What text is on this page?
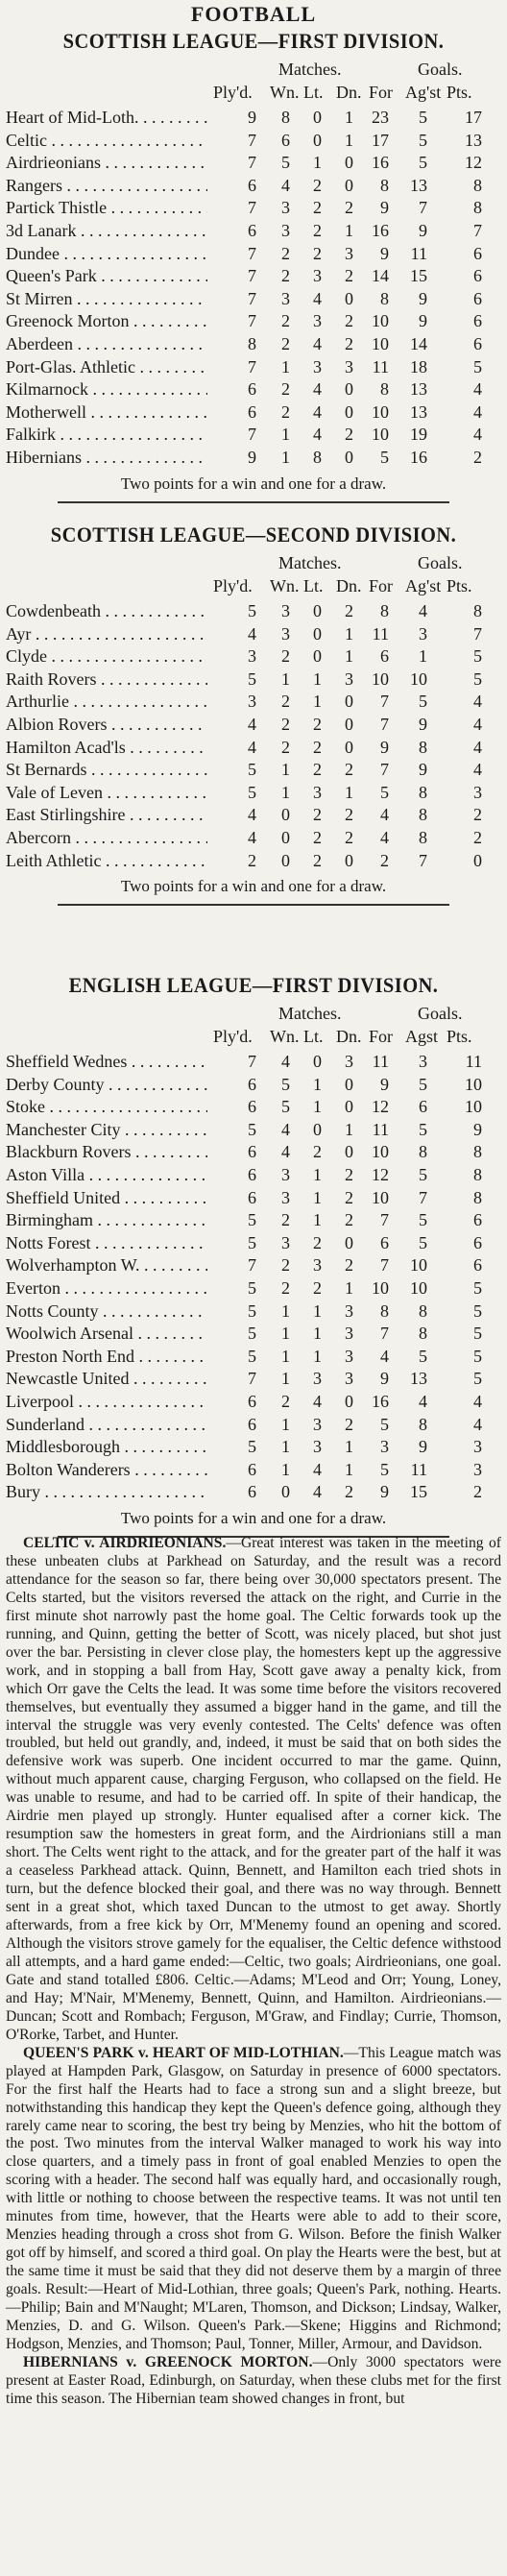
FOOTBALL
SCOTTISH LEAGUE—FIRST DIVISION.
Matches.	Goals.
Ply'd. Wn. Lt. Dn. For Ag'st Pts.
Heart of Mid-Loth. . . .	9	8	0	1	23	5	17
Celtic . . .	7	6	0	1	17	5	13
Airdrieonians . . .	7	5	1	0	16	5	12
Rangers . . .	6	4	2	0	8	13	8
Partick Thistle . . .	7	3	2	2	9	7	8
3d Lanark . . .	6	3	2	1	16	9	7
Dundee . . .	7	2	2	3	9	11	6
Queen's Park . . .	7	2	3	2	14	15	6
St Mirren . . .	7	3	4	0	8	9	6
Greenock Morton . . .	7	2	3	2	10	9	6
Aberdeen . . .	8	2	4	2	10	14	6
Port-Glas. Athletic . . .	7	1	3	3	11	18	5
Kilmarnock . . .	6	2	4	0	8	13	4
Motherwell . . .	6	2	4	0	10	13	4
Falkirk . . .	7	1	4	2	10	19	4
Hibernians . . .	9	1	8	0	5	16	2
Two points for a win and one for a draw.
SCOTTISH LEAGUE—SECOND DIVISION.
Matches.	Goals.
Ply'd. Wn. Lt. Dn. For Ag'st Pts.
Cowdenbeath . . .	5	3	0	2	8	4	8
Ayr . . .	4	3	0	1	11	3	7
Clyde . . .	3	2	0	1	6	1	5
Raith Rovers . . .	5	1	1	3	10	10	5
Arthurlie . . .	3	2	1	0	7	5	4
Albion Rovers . . .	4	2	2	0	7	9	4
Hamilton Acad'ls . . .	4	2	2	0	9	8	4
St Bernards . . .	5	1	2	2	7	9	4
Vale of Leven . . .	5	1	3	1	5	8	3
East Stirlingshire . . .	4	0	2	2	4	8	2
Abercorn . . .	4	0	2	2	4	8	2
Leith Athletic . . .	2	0	2	0	2	7	0
Two points for a win and one for a draw.
ENGLISH LEAGUE—FIRST DIVISION.
Matches.	Goals.
Ply'd. Wn. Lt. Dn. For Agst Pts.
Sheffield Wednes . . .	7	4	0	3	11	3	11
Derby County . . .	6	5	1	0	9	5	10
Stoke . . .	6	5	1	0	12	6	10
Manchester City . . .	5	4	0	1	11	5	9
Blackburn Rovers . . .	6	4	2	0	10	8	8
Aston Villa . . .	6	3	1	2	12	5	8
Sheffield United . . .	6	3	1	2	10	7	8
Birmingham . . .	5	2	1	2	7	5	6
Notts Forest . . .	5	3	2	0	6	5	6
Wolverhampton W. . . .	7	2	3	2	7	10	6
Everton . . .	5	2	2	1	10	10	5
Notts County . . .	5	1	1	3	8	8	5
Woolwich Arsenal . . .	5	1	1	3	7	8	5
Preston North End . . .	5	1	1	3	4	5	5
Newcastle United . . .	7	1	3	3	9	13	5
Liverpool . . .	6	2	4	0	16	4	4
Sunderland . . .	6	1	3	2	5	8	4
Middlesborough . . .	5	1	3	1	3	9	3
Bolton Wanderers . . .	6	1	4	1	5	11	3
Bury . . .	6	0	4	2	9	15	2
Two points for a win and one for a draw.

CELTIC v. AIRDRIEONIANS.—Great interest was taken in the meeting of these unbeaten clubs at Parkhead on Saturday, and the result was a record attendance for the season so far, there being over 30,000 spectators present. The Celts started, but the visitors reversed the attack on the right, and Currie in the first minute shot narrowly past the home goal. The Celtic forwards took up the running, and Quinn, getting the better of Scott, was nicely placed, but shot just over the bar. Persisting in clever close play, the homesters kept up the aggressive work, and in stopping a ball from Hay, Scott gave away a penalty kick, from which Orr gave the Celts the lead. It was some time before the visitors recovered themselves, but eventually they assumed a bigger hand in the game, and till the interval the struggle was very evenly contested. The Celts' defence was often troubled, but held out grandly, and, indeed, it must be said that on both sides the defensive work was superb. One incident occurred to mar the game. Quinn, without much apparent cause, charging Ferguson, who collapsed on the field. He was unable to resume, and had to be carried off. In spite of their handicap, the Airdrie men played up strongly. Hunter equalised after a corner kick. The resumption saw the homesters in great form, and the Airdrionians still a man short. The Celts went right to the attack, and for the greater part of the half it was a ceaseless Parkhead attack. Quinn, Bennett, and Hamilton each tried shots in turn, but the defence blocked their goal, and there was no way through. Bennett sent in a great shot, which taxed Duncan to the utmost to get away. Shortly afterwards, from a free kick by Orr, M'Menemy found an opening and scored. Although the visitors strove gamely for the equaliser, the Celtic defence withstood all attempts, and a hard game ended:—Celtic, two goals; Airdrieonians, one goal. Gate and stand totalled £806. Celtic.—Adams; M'Leod and Orr; Young, Loney, and Hay; M'Nair, M'Menemy, Bennett, Quinn, and Hamilton. Airdrieonians.—Duncan; Scott and Rombach; Ferguson, M'Graw, and Findlay; Currie, Thomson, O'Rorke, Tarbet, and Hunter.

QUEEN'S PARK v. HEART OF MID-LOTHIAN.—This League match was played at Hampden Park, Glasgow, on Saturday in presence of 6000 spectators. For the first half the Hearts had to face a strong sun and a slight breeze, but notwithstanding this handicap they kept the Queen's defence going, although they rarely came near to scoring, the best try being by Menzies, who hit the bottom of the post. Two minutes from the interval Walker managed to work his way into close quarters, and a timely pass in front of goal enabled Menzies to open the scoring with a header. The second half was equally hard, and occasionally rough, with little or nothing to choose between the respective teams. It was not until ten minutes from time, however, that the Hearts were able to add to their score, Menzies heading through a cross shot from G. Wilson. Before the finish Walker got off by himself, and scored a third goal. On play the Hearts were the best, but at the same time it must be said that they did not deserve them by a margin of three goals. Result:—Heart of Mid-Lothian, three goals; Queen's Park, nothing. Hearts.—Philip; Bain and M'Naught; M'Laren, Thomson, and Dickson; Lindsay, Walker, Menzies, D. and G. Wilson. Queen's Park.—Skene; Higgins and Richmond; Hodgson, Menzies, and Thomson; Paul, Tonner, Miller, Armour, and Davidson.

HIBERNIANS v. GREENOCK MORTON.—Only 3000 spectators were present at Easter Road, Edinburgh, on Saturday, when these clubs met for the first time this season. The Hibernian team showed changes in front, but
